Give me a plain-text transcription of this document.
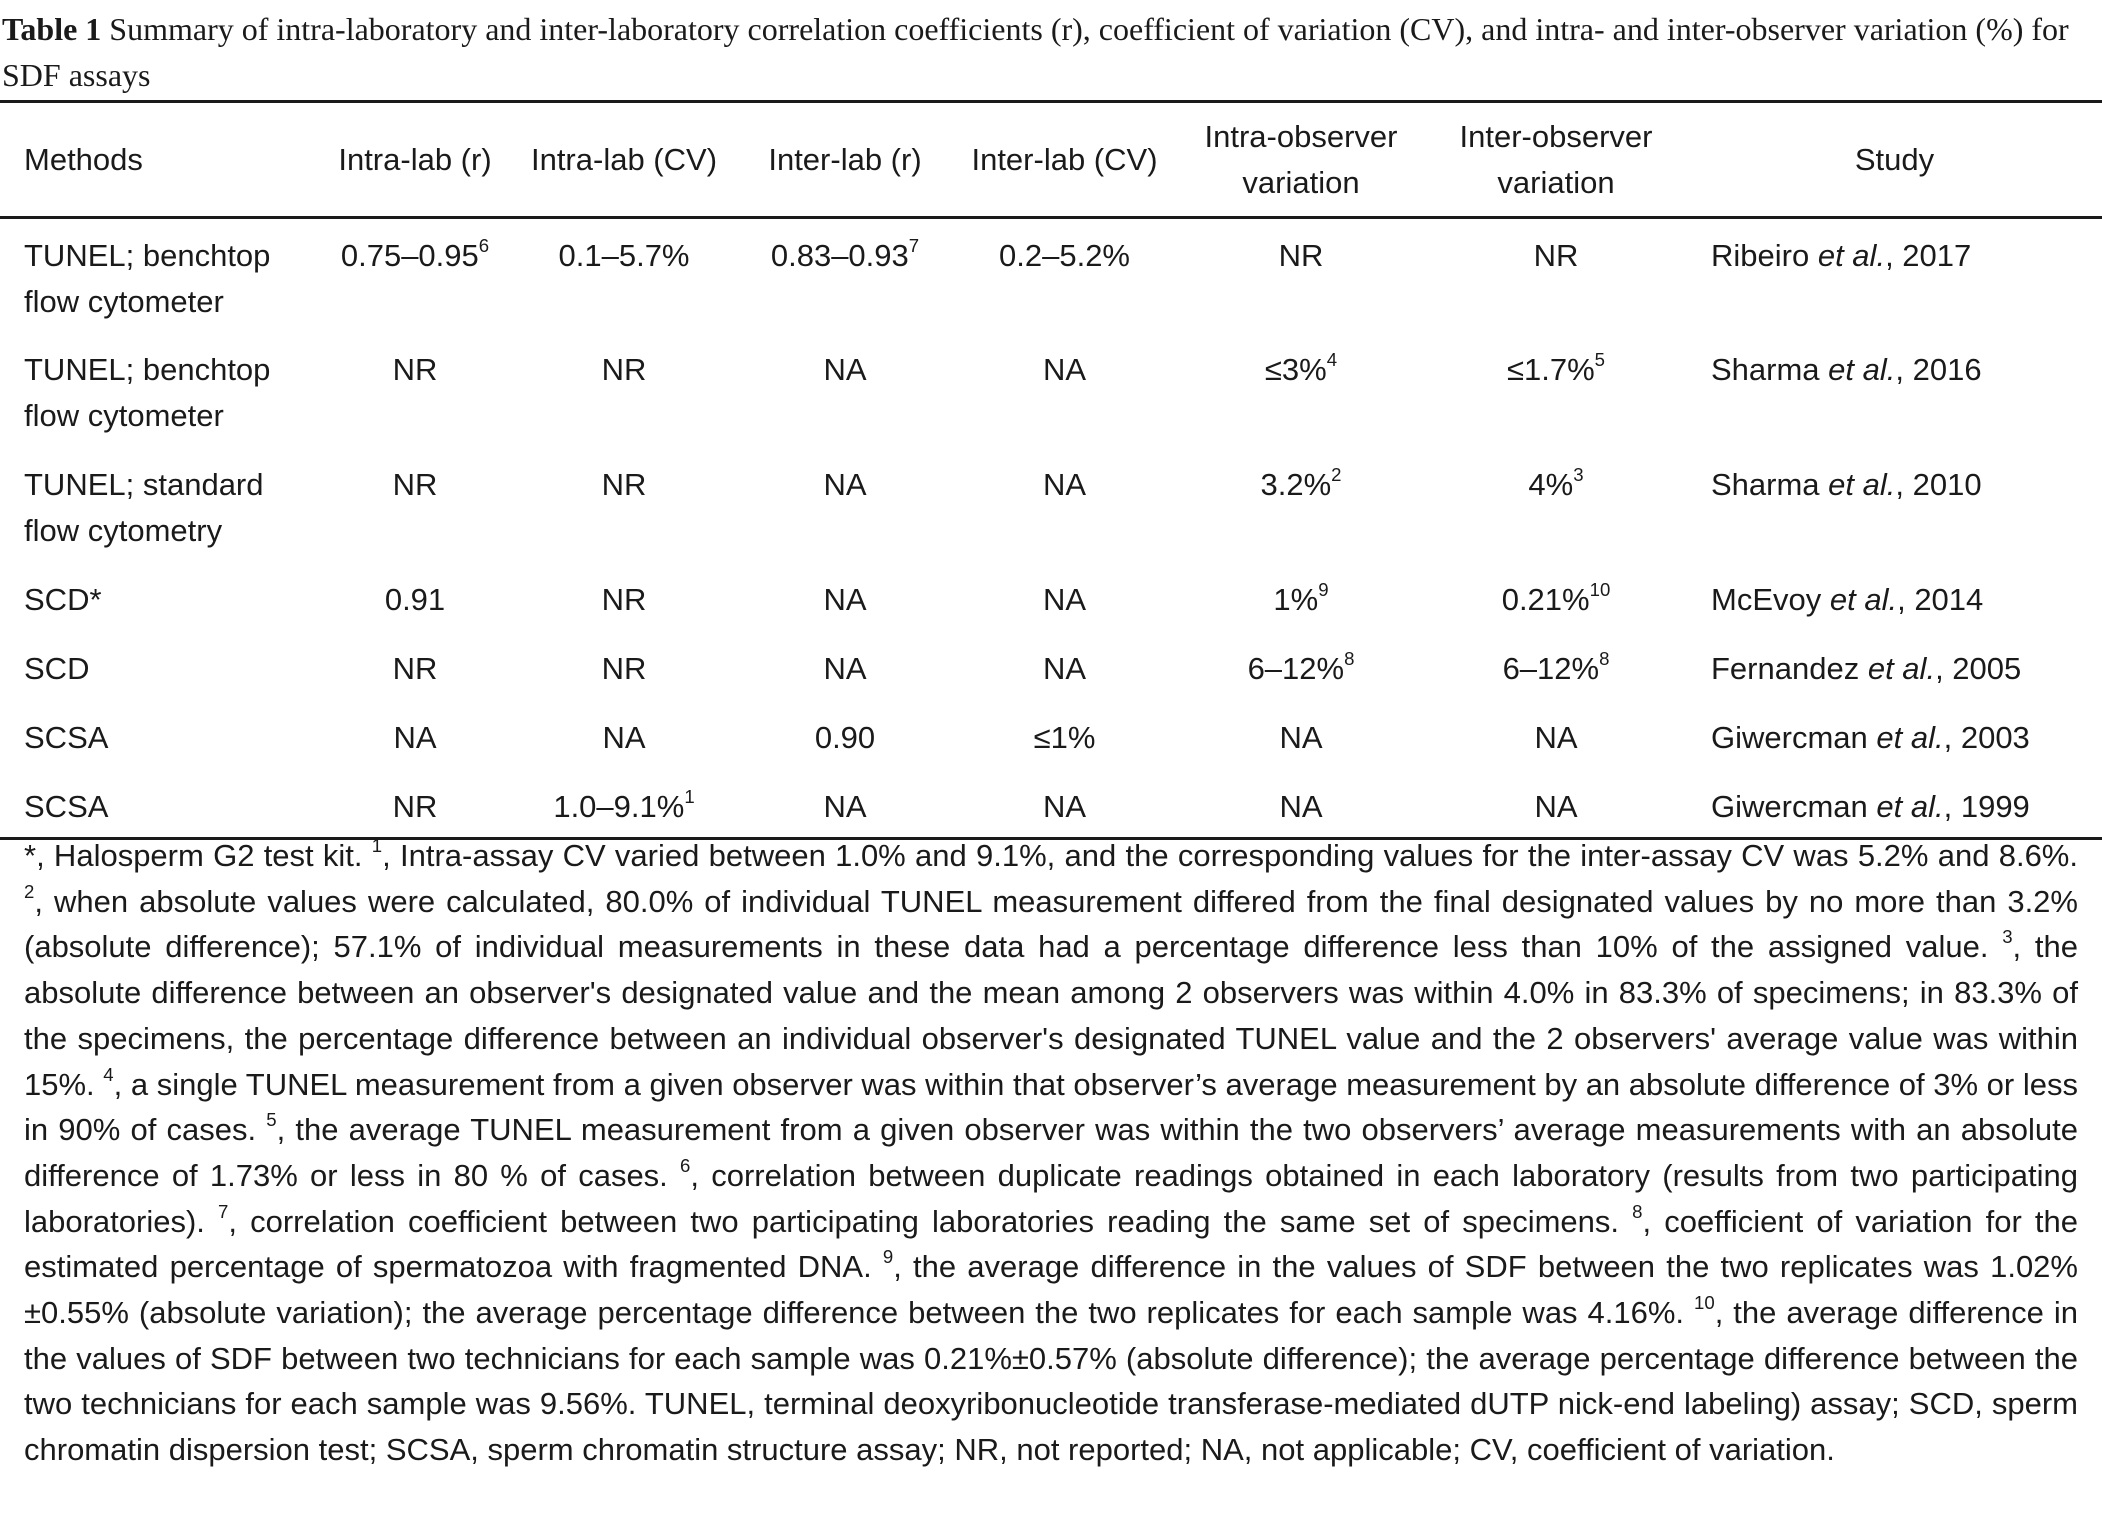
Table 1 Summary of intra-laboratory and inter-laboratory correlation coefficients (r), coefficient of variation (CV), and intra- and inter-observer variation (%) for SDF assays
Methods	Intra-lab (r)	Intra-lab (CV)	Inter-lab (r)	Inter-lab (CV)	Intra-observer variation	Inter-observer variation	Study
TUNEL; benchtop flow cytometer	0.75–0.95$^6$	0.1–5.7%	0.83–0.93$^7$	0.2–5.2%	NR	NR	Ribeiro et al., 2017
TUNEL; benchtop flow cytometer	NR	NR	NA	NA	≤3%$^4$	≤1.7%$^5$	Sharma et al., 2016
TUNEL; standard flow cytometry	NR	NR	NA	NA	3.2%$^2$	4%$^3$	Sharma et al., 2010
SCD*	0.91	NR	NA	NA	1%$^9$	0.21%$^{10}$	McEvoy et al., 2014
SCD	NR	NR	NA	NA	6–12%$^8$	6–12%$^8$	Fernandez et al., 2005
SCSA	NA	NA	0.90	≤1%	NA	NA	Giwercman et al., 2003
SCSA	NR	1.0–9.1%$^1$	NA	NA	NA	NA	Giwercman et al., 1999
*, Halosperm G2 test kit. $^1$, Intra-assay CV varied between 1.0% and 9.1%, and the corresponding values for the inter-assay CV was 5.2% and 8.6%. $^2$, when absolute values were calculated, 80.0% of individual TUNEL measurement differed from the final designated values by no more than 3.2% (absolute difference); 57.1% of individual measurements in these data had a percentage difference less than 10% of the assigned value. $^3$, the absolute difference between an observer's designated value and the mean among 2 observers was within 4.0% in 83.3% of specimens; in 83.3% of the specimens, the percentage difference between an individual observer's designated TUNEL value and the 2 observers' average value was within 15%. $^4$, a single TUNEL measurement from a given observer was within that observer’s average measurement by an absolute difference of 3% or less in 90% of cases. $^5$, the average TUNEL measurement from a given observer was within the two observers’ average measurements with an absolute difference of 1.73% or less in 80 % of cases. $^6$, correlation between duplicate readings obtained in each laboratory (results from two participating laboratories). $^7$, correlation coefficient between two participating laboratories reading the same set of specimens. $^8$, coefficient of variation for the estimated percentage of spermatozoa with fragmented DNA. $^9$, the average difference in the values of SDF between the two replicates was 1.02%±0.55% (absolute variation); the average percentage difference between the two replicates for each sample was 4.16%. $^{10}$, the average difference in the values of SDF between two technicians for each sample was 0.21%±0.57% (absolute difference); the average percentage difference between the two technicians for each sample was 9.56%. TUNEL, terminal deoxyribonucleotide transferase-mediated dUTP nick-end labeling) assay; SCD, sperm chromatin dispersion test; SCSA, sperm chromatin structure assay; NR, not reported; NA, not applicable; CV, coefficient of variation.
